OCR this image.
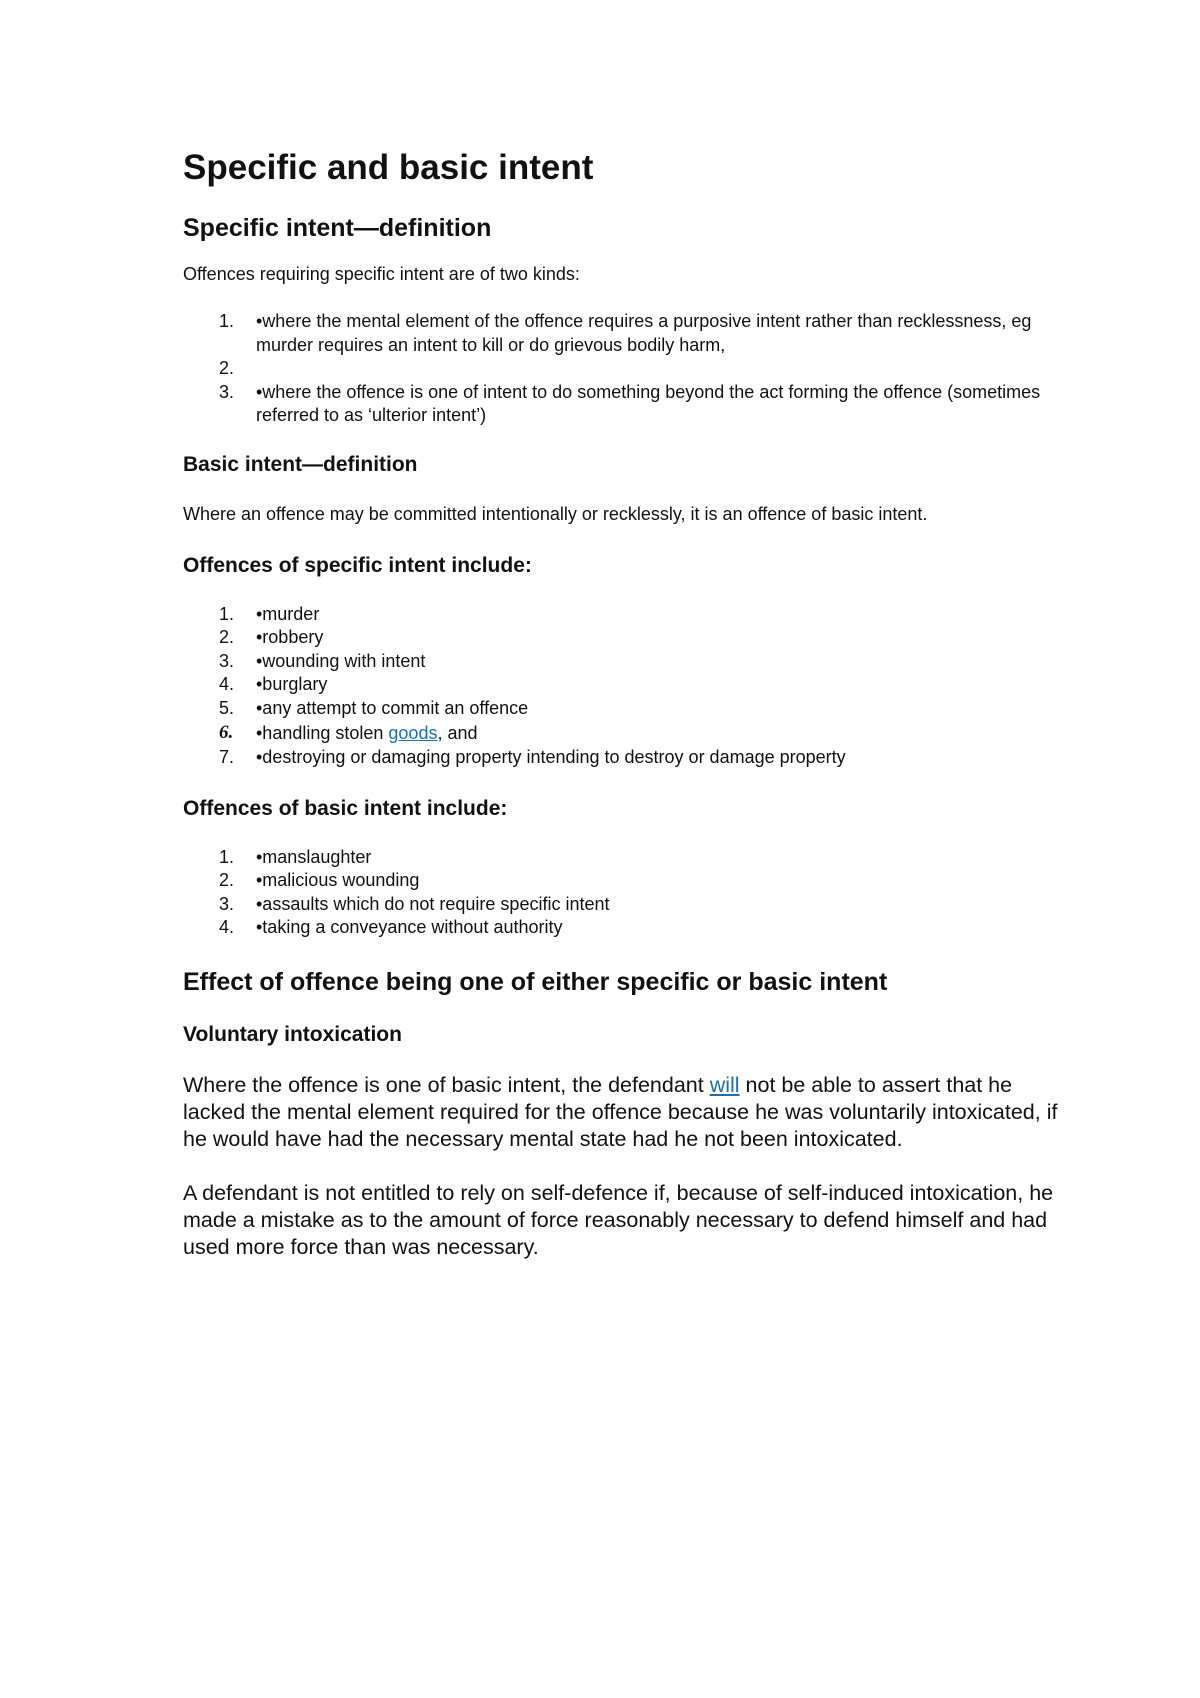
Specific and basic intent
Specific intent—definition

Offences requiring specific intent are of two kinds:

1.	•where the mental element of the offence requires a purposive intent rather than recklessness, eg murder requires an intent to kill or do grievous bodily harm,
2.
3.	•where the offence is one of intent to do something beyond the act forming the offence (sometimes referred to as ‘ulterior intent’)
Basic intent—definition

Where an offence may be committed intentionally or recklessly, it is an offence of basic intent.

Offences of specific intent include:
1.	•murder
2.	•robbery
3.	•wounding with intent
4.	•burglary
5.	•any attempt to commit an offence
6.	•handling stolen goods, and
7.	•destroying or damaging property intending to destroy or damage property
Offences of basic intent include:
1.	•manslaughter
2.	•malicious wounding
3.	•assaults which do not require specific intent
4.	•taking a conveyance without authority
Effect of offence being one of either specific or basic intent
Voluntary intoxication

Where the offence is one of basic intent, the defendant will not be able to assert that he lacked the mental element required for the offence because he was voluntarily intoxicated, if he would have had the necessary mental state had he not been intoxicated.

A defendant is not entitled to rely on self-defence if, because of self-induced intoxication, he made a mistake as to the amount of force reasonably necessary to defend himself and had used more force than was necessary.
